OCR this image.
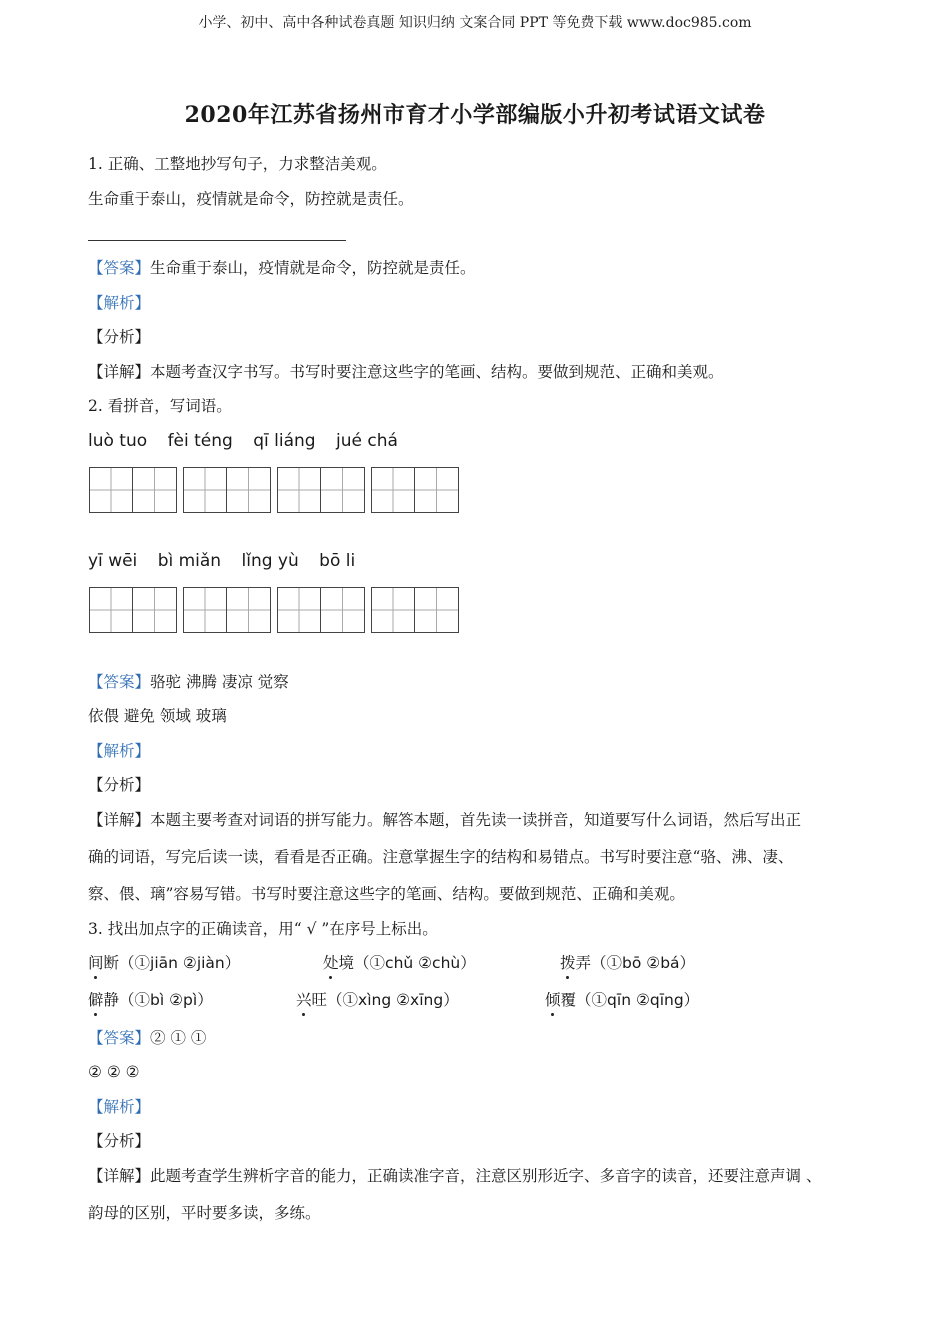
小学、初中、高中各种试卷真题 知识归纳 文案合同 PPT 等免费下载 www.doc985.com
2020年江苏省扬州市育才小学部编版小升初考试语文试卷
1. 正确、工整地抄写句子，力求整洁美观。
生命重于泰山，疫情就是命令，防控就是责任。
【答案】生命重于泰山，疫情就是命令，防控就是责任。
【解析】
【分析】
【详解】本题考查汉字书写。书写时要注意这些字的笔画、结构。要做到规范、正确和美观。
2. 看拼音，写词语。
luò tuo fèi téng qī liáng jué chá
yī wēi bì miǎn lǐng yù bō li
【答案】骆驼 沸腾 凄凉 觉察
依偎 避免 领域 玻璃
【解析】
【分析】
【详解】本题主要考查对词语的拼写能力。解答本题，首先读一读拼音，知道要写什么词语，然后写出正
确的词语，写完后读一读，看看是否正确。注意掌握生字的结构和易错点。书写时要注意“骆、沸、凄、
察、偎、璃”容易写错。书写时要注意这些字的笔画、结构。要做到规范、正确和美观。
3. 找出加点字的正确读音，用“ √ ”在序号上标出。
间断（①jiān ②jiàn）	处境（①chǔ ②chù）	拨弄（①bō ②bá）
僻静（①bì ②pì）	兴旺（①xìng ②xīng）	倾覆（①qīn ②qīng）
【答案】② ① ①
② ② ②
【解析】
【分析】
【详解】此题考查学生辨析字音的能力，正确读准字音，注意区别形近字、多音字的读音，还要注意声调 、
韵母的区别，平时要多读，多练。
